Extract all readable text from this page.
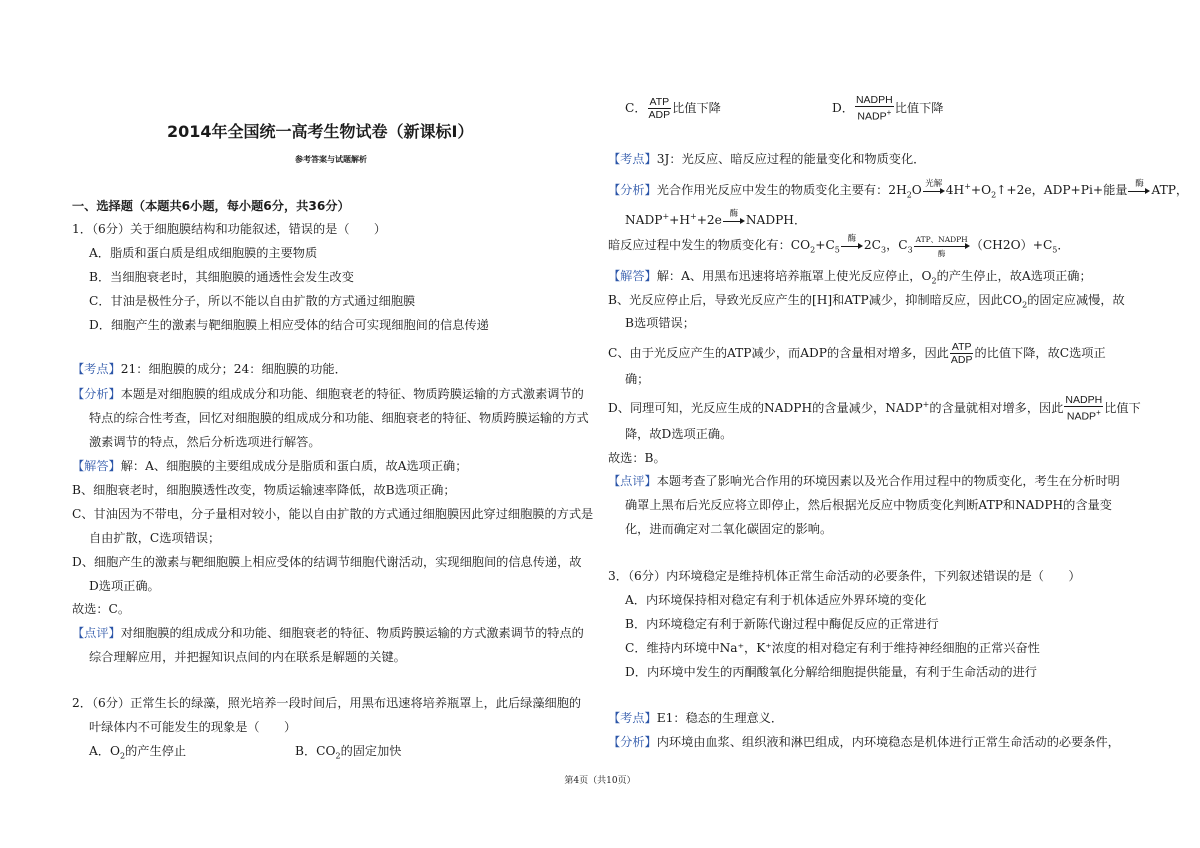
2014年全国统一高考生物试卷（新课标Ⅰ）
参考答案与试题解析
一、选择题（本题共6小题，每小题6分，共36分）
1．（6分）关于细胞膜结构和功能叙述，错误的是（　　）
A．脂质和蛋白质是组成细胞膜的主要物质
B．当细胞衰老时，其细胞膜的通透性会发生改变
C．甘油是极性分子，所以不能以自由扩散的方式通过细胞膜
D．细胞产生的激素与靶细胞膜上相应受体的结合可实现细胞间的信息传递
【考点】21：细胞膜的成分；24：细胞膜的功能．
【分析】本题是对细胞膜的组成成分和功能、细胞衰老的特征、物质跨膜运输的方式激素调节的
特点的综合性考查，回忆对细胞膜的组成成分和功能、细胞衰老的特征、物质跨膜运输的方式
激素调节的特点，然后分析选项进行解答。
【解答】解：A、细胞膜的主要组成成分是脂质和蛋白质，故A选项正确；
B、细胞衰老时，细胞膜透性改变，物质运输速率降低，故B选项正确；
C、甘油因为不带电，分子量相对较小，能以自由扩散的方式通过细胞膜因此穿过细胞膜的方式是
自由扩散，C选项错误；
D、细胞产生的激素与靶细胞膜上相应受体的结调节细胞代谢活动，实现细胞间的信息传递，故
D选项正确。
故选：C。
【点评】对细胞膜的组成成分和功能、细胞衰老的特征、物质跨膜运输的方式激素调节的特点的
综合理解应用，并把握知识点间的内在联系是解题的关键。
2．（6分）正常生长的绿藻，照光培养一段时间后，用黑布迅速将培养瓶罩上，此后绿藻细胞的
叶绿体内不可能发生的现象是（　　）
A．$O_2$的产生停止	B．$CO_2$的固定加快
C． $\frac{\text{ATP}}{\text{ADP}}$ 比值下降	D． $\frac{\text{NADPH}}{NADP^+}$ 比值下降
【考点】3J：光反应、暗反应过程的能量变化和物质变化．
【分析】光合作用光反应中发生的物质变化主要有：$2H_2O$ 光解 $4H^++O_2↑+2e$，ADP+Pi+能量 酶 ATP，
NADP++H++2e 酶 NADPH．
暗反应过程中发生的物质变化有：$CO_2+C_5$
酶 $2C_3$，$C_3$
ATP、NADPH
酶
$(CH2O)+C_5$．
【解答】解：A、用黑布迅速将培养瓶罩上使光反应停止，$O_2$的产生停止，故A选项正确；
B、光反应停止后，导致光反应产生的[H]和ATP减少，抑制暗反应，因此$CO_2$的固定应减慢，故
B选项错误；
C、由于光反应产生的ATP减少，而ADP的含量相对增多，因此 $\frac{\text{ATP}}{\text{ADP}}$ 的比值下降，故C选项正
确；
D、同理可知，光反应生成的NADPH的含量减少，NADP+的含量就相对增多，因此 $\frac{\text{NADPH}}{NADP^+}$ 比值下
降，故D选项正确。
故选：B。
【点评】本题考查了影响光合作用的环境因素以及光合作用过程中的物质变化，考生在分析时明
确罩上黑布后光反应将立即停止，然后根据光反应中物质变化判断ATP和NADPH的含量变
化，进而确定对二氧化碳固定的影响。
3．（6分）内环境稳定是维持机体正常生命活动的必要条件，下列叙述错误的是（　　）
A．内环境保持相对稳定有利于机体适应外界环境的变化
B．内环境稳定有利于新陈代谢过程中酶促反应的正常进行
C．维持内环境中Na⁺，K⁺浓度的相对稳定有利于维持神经细胞的正常兴奋性
D．内环境中发生的丙酮酸氧化分解给细胞提供能量，有利于生命活动的进行
【考点】E1：稳态的生理意义．
【分析】内环境由血浆、组织液和淋巴组成，内环境稳态是机体进行正常生命活动的必要条件，
第4页（共10页）
